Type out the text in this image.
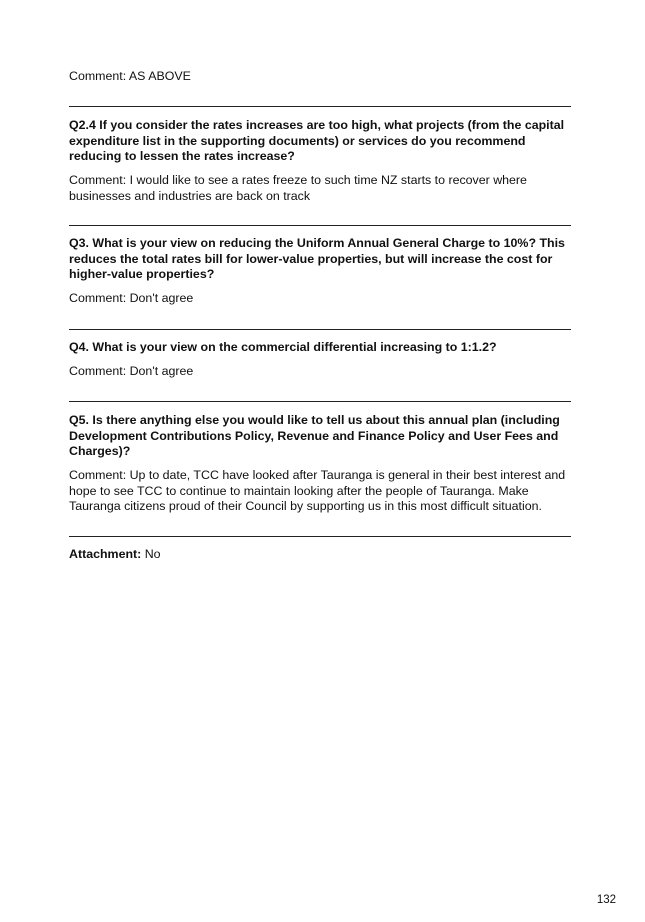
Comment: AS ABOVE

Q2.4 If you consider the rates increases are too high, what projects (from the capital expenditure list in the supporting documents) or services do you recommend reducing to lessen the rates increase?

Comment: I would like to see a rates freeze to such time NZ starts to recover where businesses and industries are back on track

Q3. What is your view on reducing the Uniform Annual General Charge to 10%? This reduces the total rates bill for lower-value properties, but will increase the cost for higher-value properties?

Comment: Don't agree

Q4. What is your view on the commercial differential increasing to 1:1.2?

Comment: Don't agree

Q5. Is there anything else you would like to tell us about this annual plan (including Development Contributions Policy, Revenue and Finance Policy and User Fees and Charges)?

Comment: Up to date, TCC have looked after Tauranga is general in their best interest and hope to see TCC to continue to maintain looking after the people of Tauranga. Make Tauranga citizens proud of their Council by supporting us in this most difficult situation.

Attachment: No

132
